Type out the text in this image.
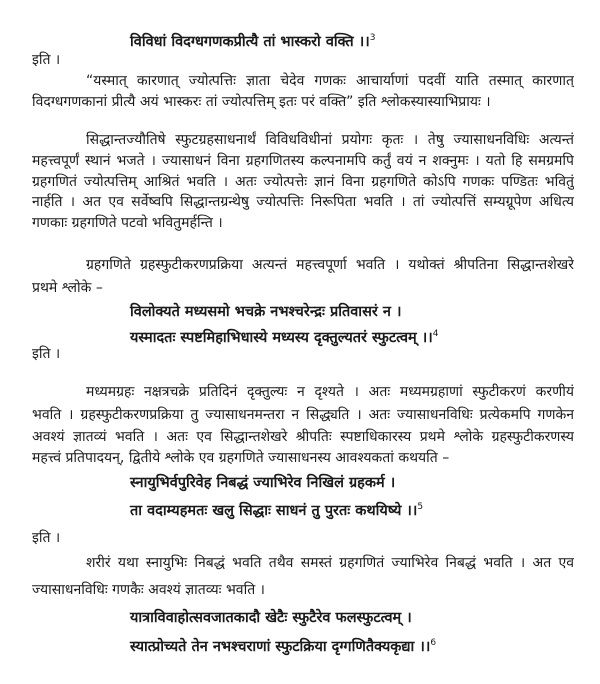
विविधां विदग्धगणकप्रीत्यै तां भास्करो वक्ति ।।$^3$
इति ।
“यस्मात् कारणात् ज्योत्पत्तिः ज्ञाता चेदेव गणकः आचार्याणां पदवीं याति तस्मात् कारणात्
विदग्धगणकानां प्रीत्यै अयं भास्करः तां ज्योत्पत्तिम् इतः परं वक्ति” इति श्लोकस्यास्याभिप्रायः ।
सिद्धान्तज्यौतिषे स्फुटग्रहसाधनार्थं विविधविधीनां प्रयोगः कृतः । तेषु ज्यासाधनविधिः अत्यन्तं
महत्त्वपूर्णं स्थानं भजते । ज्यासाधनं विना ग्रहगणितस्य कल्पनामपि कर्तुं वयं न शक्नुमः । यतो हि समग्रमपि
ग्रहगणितं ज्योत्पत्तिम् आश्रितं भवति । अतः ज्योत्पत्तेः ज्ञानं विना ग्रहगणिते कोऽपि गणकः पण्डितः भवितुं
नार्हति । अत एव सर्वेष्वपि सिद्धान्तग्रन्थेषु ज्योत्पत्तिः निरूपिता भवति । तां ज्योत्पत्तिं सम्यग्रूपेण अधित्य
गणकाः ग्रहगणिते पटवो भवितुमर्हन्ति ।
ग्रहगणिते ग्रहस्फुटीकरणप्रक्रिया अत्यन्तं महत्त्वपूर्णा भवति । यथोक्तं श्रीपतिना सिद्धान्तशेखरे
प्रथमे श्लोके –
विलोक्यते मध्यसमो भचक्रे नभश्चरेन्द्रः प्रतिवासरं न ।
यस्मादतः स्पष्टमिहाभिधास्ये मध्यस्य दृक्तुल्यतरं स्फुटत्वम् ।।$^4$
इति ।
मध्यमग्रहः नक्षत्रचक्रे प्रतिदिनं दृक्तुल्यः न दृश्यते । अतः मध्यमग्रहाणां स्फुटीकरणं करणीयं
भवति । ग्रहस्फुटीकरणप्रक्रिया तु ज्यासाधनमन्तरा न सिद्ध्यति । अतः ज्यासाधनविधिः प्रत्येकमपि गणकेन
अवश्यं ज्ञातव्यं भवति । अतः एव सिद्धान्तशेखरे श्रीपतिः स्पष्टाधिकारस्य प्रथमे श्लोके ग्रहस्फुटीकरणस्य
महत्त्वं प्रतिपादयन्, द्वितीये श्लोके एव ग्रहगणिते ज्यासाधनस्य आवश्यकतां कथयति –
स्नायुभिर्वपुरिवेह निबद्धं ज्याभिरेव निखिलं ग्रहकर्म ।
ता वदाम्यहमतः खलु सिद्धाः साधनं तु पुरतः कथयिष्ये ।।$^5$
इति ।
शरीरं यथा स्नायुभिः निबद्धं भवति तथैव समस्तं ग्रहगणितं ज्याभिरेव निबद्धं भवति । अत एव
ज्यासाधनविधिः गणकैः अवश्यं ज्ञातव्यः भवति ।
यात्राविवाहोत्सवजातकादौ खेटैः स्फुटैरेव फलस्फुटत्वम् ।
स्यात्प्रोच्यते तेन नभश्चराणां स्फुटक्रिया दृग्गणितैक्यकृद्या ।।$^6$
